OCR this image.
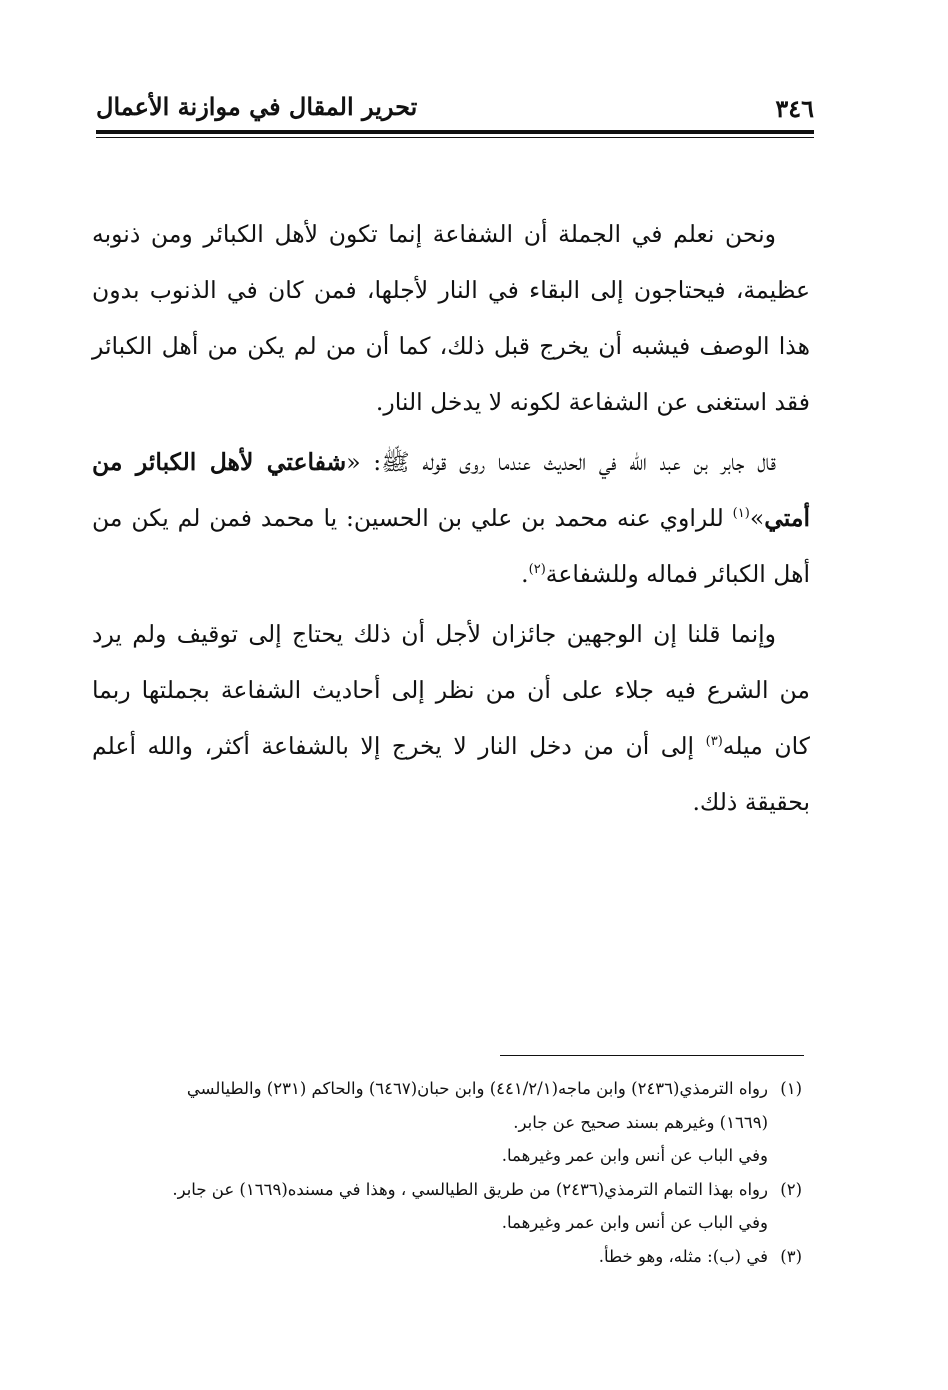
٣٤٦
تحرير المقال في موازنة الأعمال

ونحن نعلم في الجملة أن الشفاعة إنما تكون لأهل الكبائر ومن ذنوبه عظيمة، فيحتاجون إلى البقاء في النار لأجلها، فمن كان في الذنوب بدون هذا الوصف فيشبه أن يخرج قبل ذلك، كما أن من لم يكن من أهل الكبائر فقد استغنى عن الشفاعة لكونه لا يدخل النار.

قال جابر بن عبد الله في الحديث عندما روى قوله ﷺ: «شفاعتي لأهل الكبائر من أمتي»$^{(١)}$ للراوي عنه محمد بن علي بن الحسين: يا محمد فمن لم يكن من أهل الكبائر فماله وللشفاعة$^{(٢)}$.

وإنما قلنا إن الوجهين جائزان لأجل أن ذلك يحتاج إلى توقيف ولم يرد من الشرع فيه جلاء على أن من نظر إلى أحاديث الشفاعة بجملتها ربما كان ميله$^{(٣)}$ إلى أن من دخل النار لا يخرج إلا بالشفاعة أكثر، والله أعلم بحقيقة ذلك.

(١)رواه الترمذي(٢٤٣٦) وابن ماجه(٤٤١/٢/١) وابن حبان(٦٤٦٧) والحاكم (٢٣١) والطيالسي

(١٦٦٩) وغيرهم بسند صحيح عن جابر.

وفي الباب عن أنس وابن عمر وغيرهما.

(٢)رواه بهذا التمام الترمذي(٢٤٣٦) من طريق الطيالسي ، وهذا في مسنده(١٦٦٩) عن جابر.

وفي الباب عن أنس وابن عمر وغيرهما.

(٣)في (ب): مثله، وهو خطأ.
